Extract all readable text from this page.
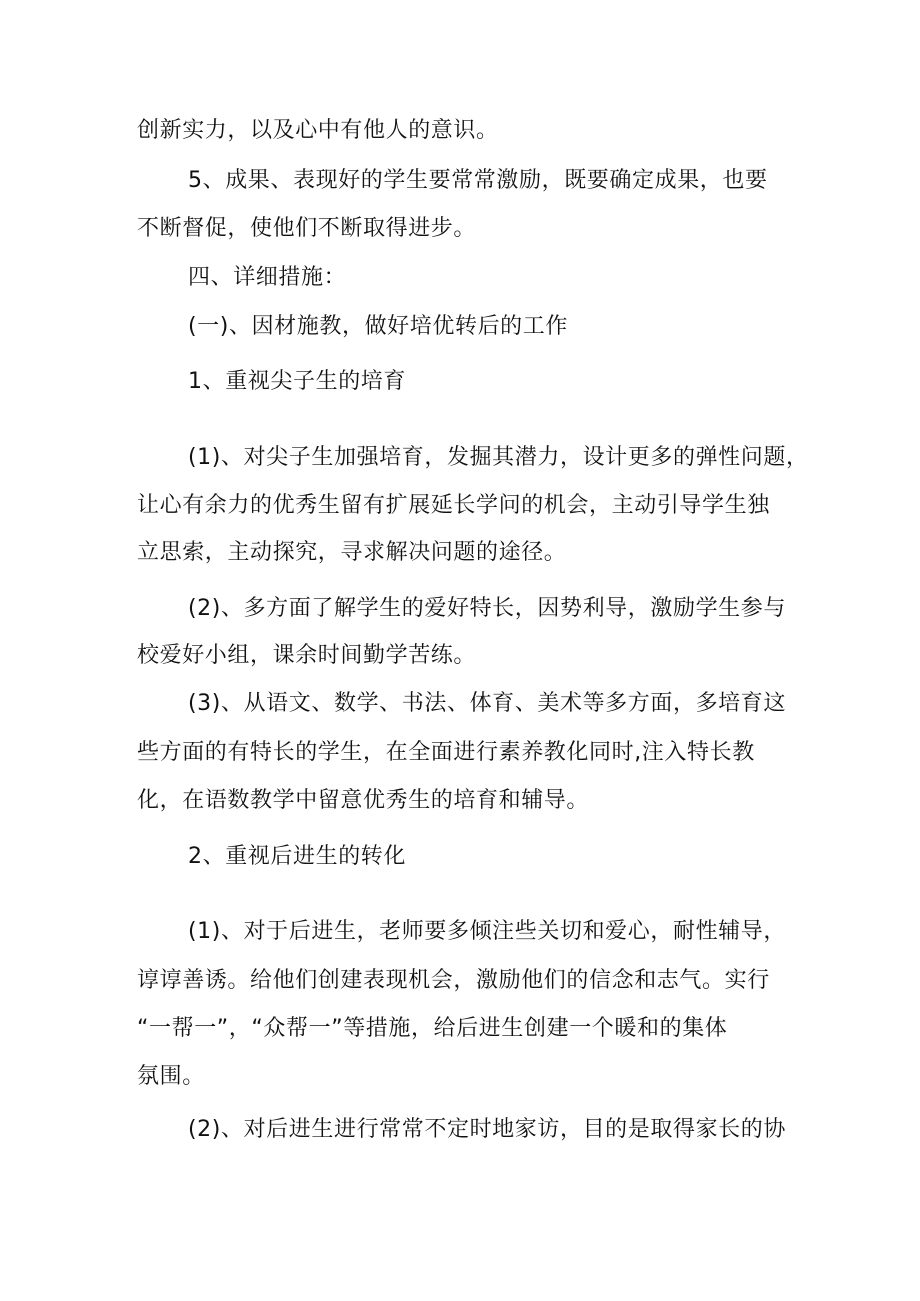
创新实力，以及心中有他人的意识。
5、成果、表现好的学生要常常激励，既要确定成果，也要
不断督促，使他们不断取得进步。
四、详细措施：
(一)、因材施教，做好培优转后的工作
1、重视尖子生的培育
(1)、对尖子生加强培育，发掘其潜力，设计更多的弹性问题，
让心有余力的优秀生留有扩展延长学问的机会，主动引导学生独
立思索，主动探究，寻求解决问题的途径。
(2)、多方面了解学生的爱好特长，因势利导，激励学生参与
校爱好小组，课余时间勤学苦练。
(3)、从语文、数学、书法、体育、美术等多方面，多培育这
些方面的有特长的学生，在全面进行素养教化同时,注入特长教
化，在语数教学中留意优秀生的培育和辅导。
2、重视后进生的转化
(1)、对于后进生，老师要多倾注些关切和爱心，耐性辅导，
谆谆善诱。给他们创建表现机会，激励他们的信念和志气。实行
“一帮一”，“众帮一”等措施，给后进生创建一个暖和的集体
氛围。
(2)、对后进生进行常常不定时地家访，目的是取得家长的协
